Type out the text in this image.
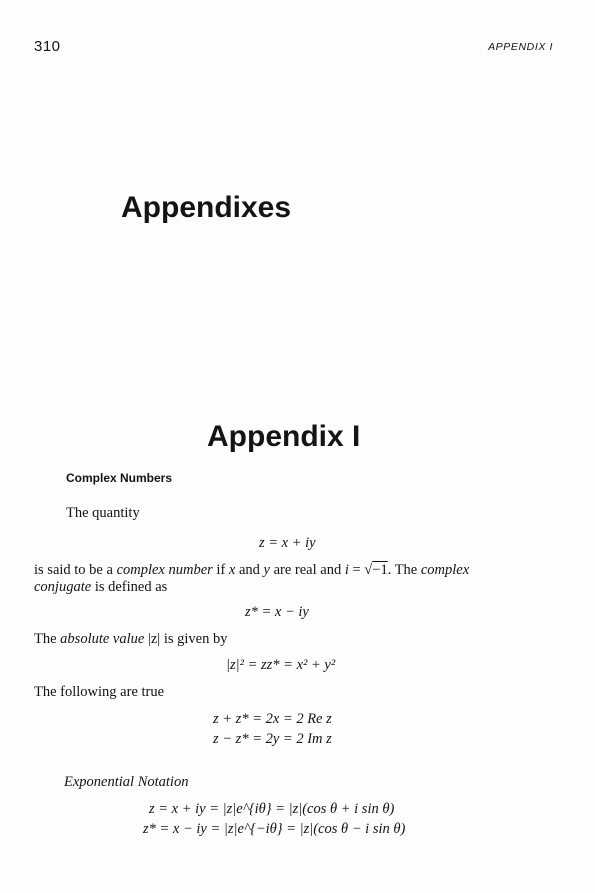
310	APPENDIX I
Appendixes
Appendix I
Complex Numbers
The quantity
z = x + iy
is said to be a complex number if x and y are real and i = √−1. The complex
conjugate is defined as
z* = x − iy
The absolute value |z| is given by
|z|² = zz* = x² + y²
The following are true
z + z* = 2x = 2 Re z
z − z* = 2y = 2 Im z
Exponential Notation
z = x + iy = |z|e^{iθ} = |z|(cos θ + i sin θ)
z* = x − iy = |z|e^{−iθ} = |z|(cos θ − i sin θ)
